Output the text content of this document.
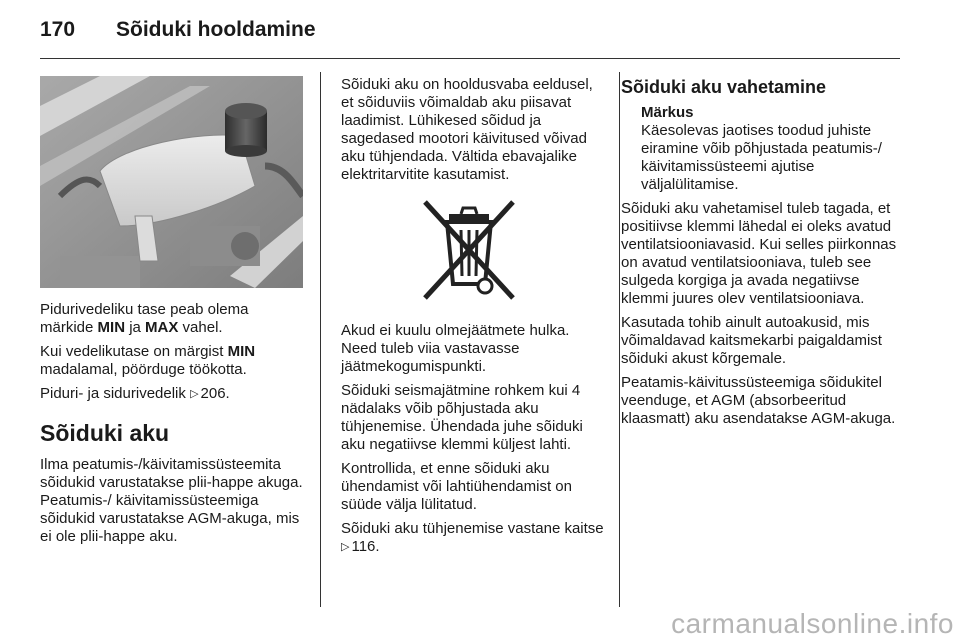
170	Sõiduki hooldamine

Pidurivedeliku tase peab olema märkide MIN ja MAX vahel.

Kui vedelikutase on märgist MIN madalamal, pöörduge töökotta.

Piduri- ja sidurivedelik ▷ 206.

Sõiduki aku

Ilma peatumis-/käivitamissüsteemita sõidukid varustatakse plii-happe akuga. Peatumis-/ käivitamissüsteemiga sõidukid varustatakse AGM-akuga, mis ei ole plii-happe aku.

Sõiduki aku on hooldusvaba eeldusel, et sõiduviis võimaldab aku piisavat laadimist. Lühikesed sõidud ja sagedased mootori käivitused võivad aku tühjendada. Vältida ebavajalike elektritarvitite kasutamist.

Akud ei kuulu olmejäätmete hulka. Need tuleb viia vastavasse jäätmekogumispunkti.

Sõiduki seismajätmine rohkem kui 4 nädalaks võib põhjustada aku tühjenemise. Ühendada juhe sõiduki aku negatiivse klemmi küljest lahti.

Kontrollida, et enne sõiduki aku ühendamist või lahtiühendamist on süüde välja lülitatud.

Sõiduki aku tühjenemise vastane kaitse ▷ 116.

Sõiduki aku vahetamine
Märkus
Käesolevas jaotises toodud juhiste eiramine võib põhjustada peatumis-/ käivitamissüsteemi ajutise väljalülitamise.

Sõiduki aku vahetamisel tuleb tagada, et positiivse klemmi lähedal ei oleks avatud ventilatsiooniavasid. Kui selles piirkonnas on avatud ventilatsiooniava, tuleb see sulgeda korgiga ja avada negatiivse klemmi juures olev ventilatsiooniava.

Kasutada tohib ainult autoakusid, mis võimaldavad kaitsmekarbi paigaldamist sõiduki akust kõrgemale.

Peatamis-käivitussüsteemiga sõidukitel veenduge, et AGM (absorbeeritud klaasmatt) aku asendatakse AGM-akuga.

carmanualsonline.info
